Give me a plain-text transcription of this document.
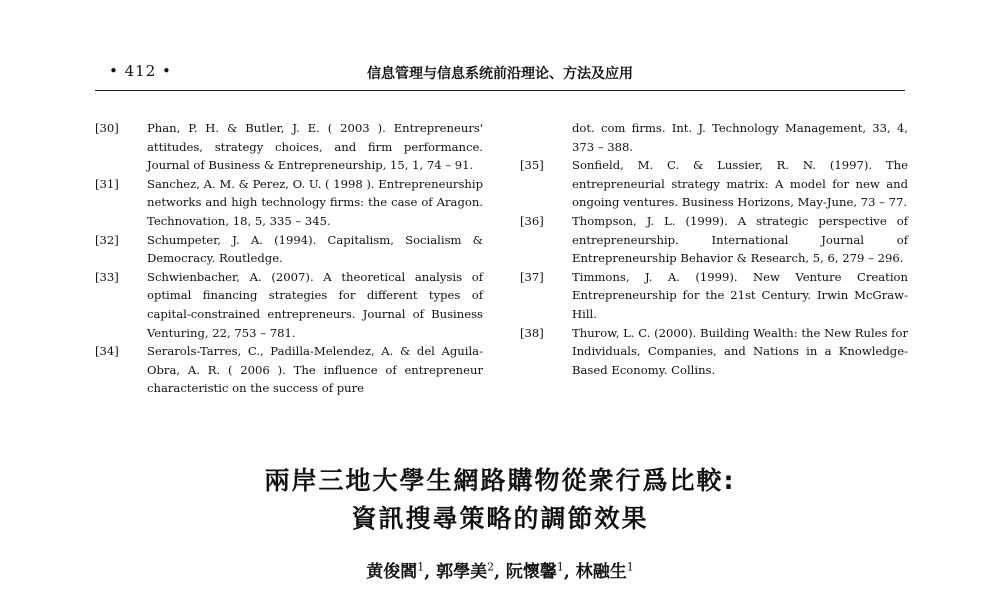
• 412 •	信息管理与信息系统前沿理论、方法及应用
[30]	Phan, P. H. & Butler, J. E. ( 2003 ). Entrepreneurs' attitudes, strategy choices, and firm performance. Journal of Business & Entrepreneurship, 15, 1, 74 – 91.
[31]	Sanchez, A. M. & Perez, O. U. ( 1998 ). Entrepreneurship networks and high technology firms: the case of Aragon. Technovation, 18, 5, 335 – 345.
[32]	Schumpeter, J. A. (1994). Capitalism, Socialism & Democracy. Routledge.
[33]	Schwienbacher, A. (2007). A theoretical analysis of optimal financing strategies for different types of capital-constrained entrepreneurs. Journal of Business Venturing, 22, 753 – 781.
[34]	Serarols-Tarres, C., Padilla-Melendez, A. & del Aguila-Obra, A. R. ( 2006 ). The influence of entrepreneur characteristic on the success of pure
dot. com firms. Int. J. Technology Management, 33, 4, 373 – 388.
[35]	Sonfield, M. C. & Lussier, R. N. (1997). The entrepreneurial strategy matrix: A model for new and ongoing ventures. Business Horizons, May-June, 73 – 77.
[36]	Thompson, J. L. (1999). A strategic perspective of entrepreneurship. International Journal of Entrepreneurship Behavior & Research, 5, 6, 279 – 296.
[37]	Timmons, J. A. (1999). New Venture Creation Entrepreneurship for the 21st Century. Irwin McGraw-Hill.
[38]	Thurow, L. C. (2000). Building Wealth: the New Rules for Individuals, Companies, and Nations in a Knowledge-Based Economy. Collins.
兩岸三地大學生網路購物從衆行爲比較:
資訊搜尋策略的調節效果
黄俊閻$^1$, 郭學美$^2$, 阮懷馨$^1$, 林融生$^1$
